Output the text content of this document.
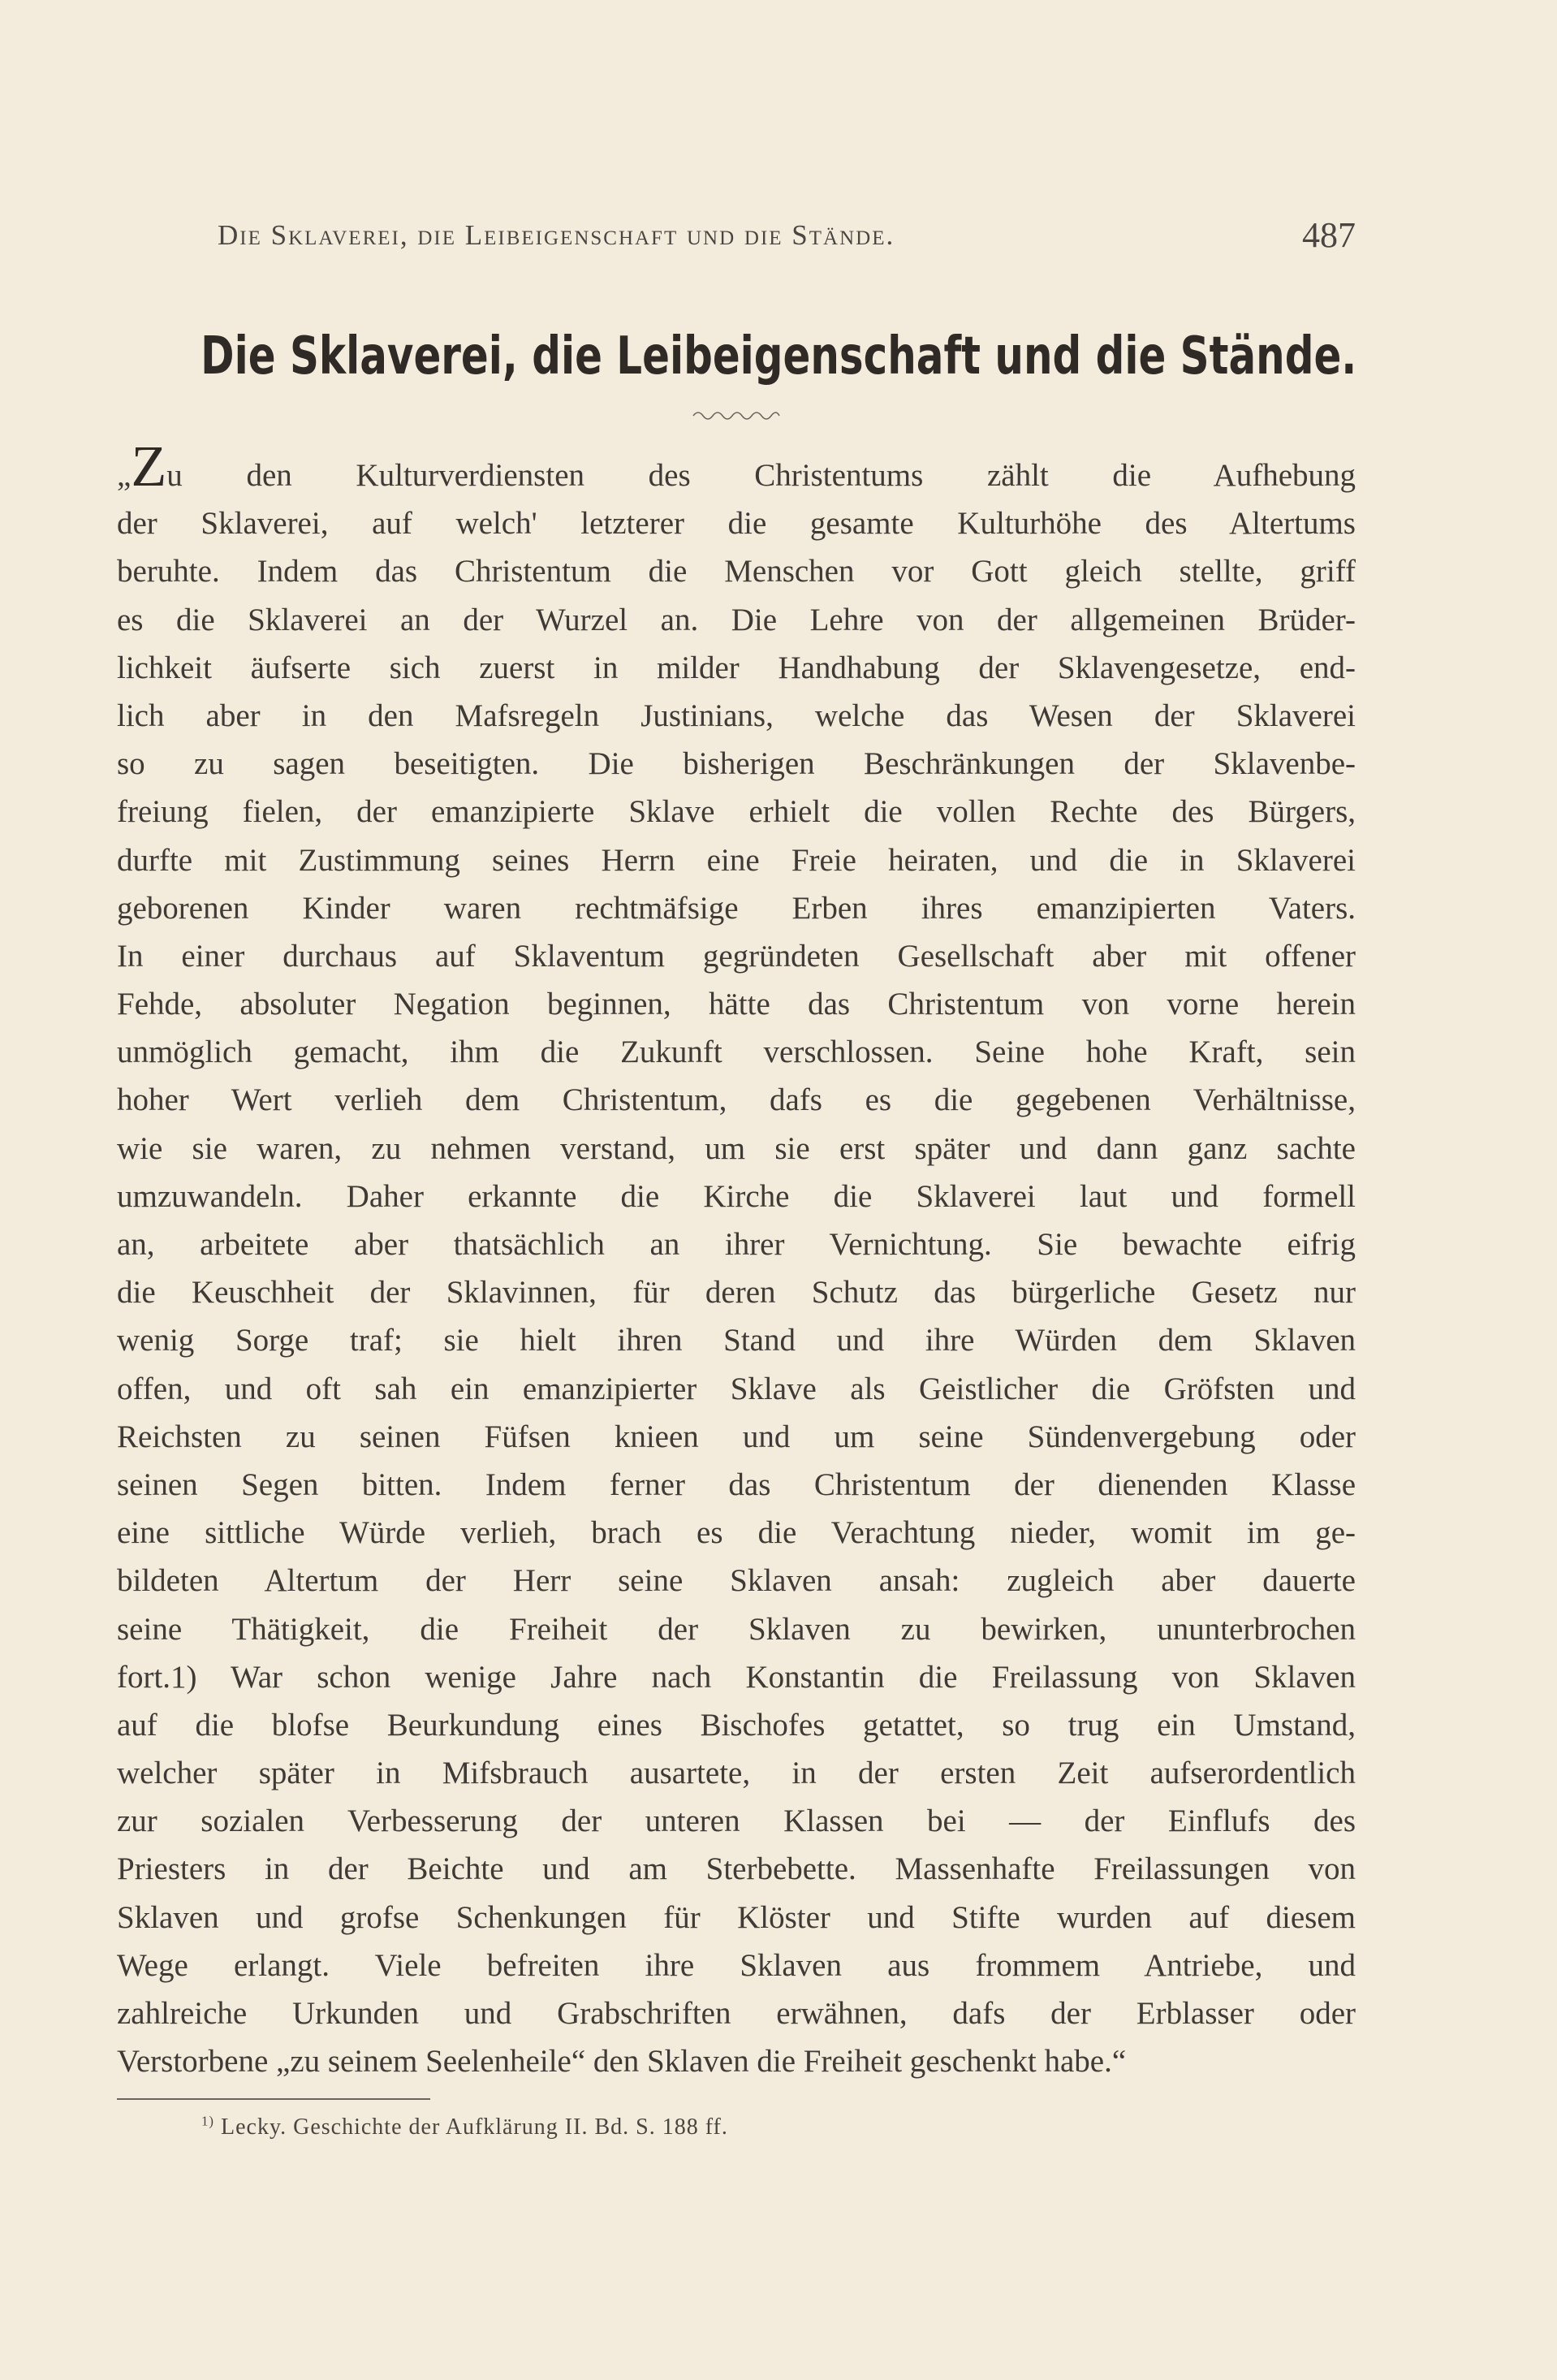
Die Sklaverei, die Leibeigenschaft und die Stände.	487
Die Sklaverei, die Leibeigenschaft und die Stände.
„Zu den Kulturverdiensten des Christentums zählt die Aufhebung
der Sklaverei, auf welch' letzterer die gesamte Kulturhöhe des Altertums
beruhte. Indem das Christentum die Menschen vor Gott gleich stellte, griff
es die Sklaverei an der Wurzel an. Die Lehre von der allgemeinen Brüder-
lichkeit äufserte sich zuerst in milder Handhabung der Sklavengesetze, end-
lich aber in den Mafsregeln Justinians, welche das Wesen der Sklaverei
so zu sagen beseitigten. Die bisherigen Beschränkungen der Sklavenbe-
freiung fielen, der emanzipierte Sklave erhielt die vollen Rechte des Bürgers,
durfte mit Zustimmung seines Herrn eine Freie heiraten, und die in Sklaverei
geborenen Kinder waren rechtmäfsige Erben ihres emanzipierten Vaters.
In einer durchaus auf Sklaventum gegründeten Gesellschaft aber mit offener
Fehde, absoluter Negation beginnen, hätte das Christentum von vorne herein
unmöglich gemacht, ihm die Zukunft verschlossen. Seine hohe Kraft, sein
hoher Wert verlieh dem Christentum, dafs es die gegebenen Verhältnisse,
wie sie waren, zu nehmen verstand, um sie erst später und dann ganz sachte
umzuwandeln. Daher erkannte die Kirche die Sklaverei laut und formell
an, arbeitete aber thatsächlich an ihrer Vernichtung. Sie bewachte eifrig
die Keuschheit der Sklavinnen, für deren Schutz das bürgerliche Gesetz nur
wenig Sorge traf; sie hielt ihren Stand und ihre Würden dem Sklaven
offen, und oft sah ein emanzipierter Sklave als Geistlicher die Gröfsten und
Reichsten zu seinen Füfsen knieen und um seine Sündenvergebung oder
seinen Segen bitten. Indem ferner das Christentum der dienenden Klasse
eine sittliche Würde verlieh, brach es die Verachtung nieder, womit im ge-
bildeten Altertum der Herr seine Sklaven ansah: zugleich aber dauerte
seine Thätigkeit, die Freiheit der Sklaven zu bewirken, ununterbrochen
fort.1) War schon wenige Jahre nach Konstantin die Freilassung von Sklaven
auf die blofse Beurkundung eines Bischofes getattet, so trug ein Umstand,
welcher später in Mifsbrauch ausartete, in der ersten Zeit aufserordentlich
zur sozialen Verbesserung der unteren Klassen bei — der Einflufs des
Priesters in der Beichte und am Sterbebette. Massenhafte Freilassungen von
Sklaven und grofse Schenkungen für Klöster und Stifte wurden auf diesem
Wege erlangt. Viele befreiten ihre Sklaven aus frommem Antriebe, und
zahlreiche Urkunden und Grabschriften erwähnen, dafs der Erblasser oder
Verstorbene „zu seinem Seelenheile“ den Sklaven die Freiheit geschenkt habe.“
$^{1)}$ Lecky. Geschichte der Aufklärung II. Bd. S. 188 ff.
